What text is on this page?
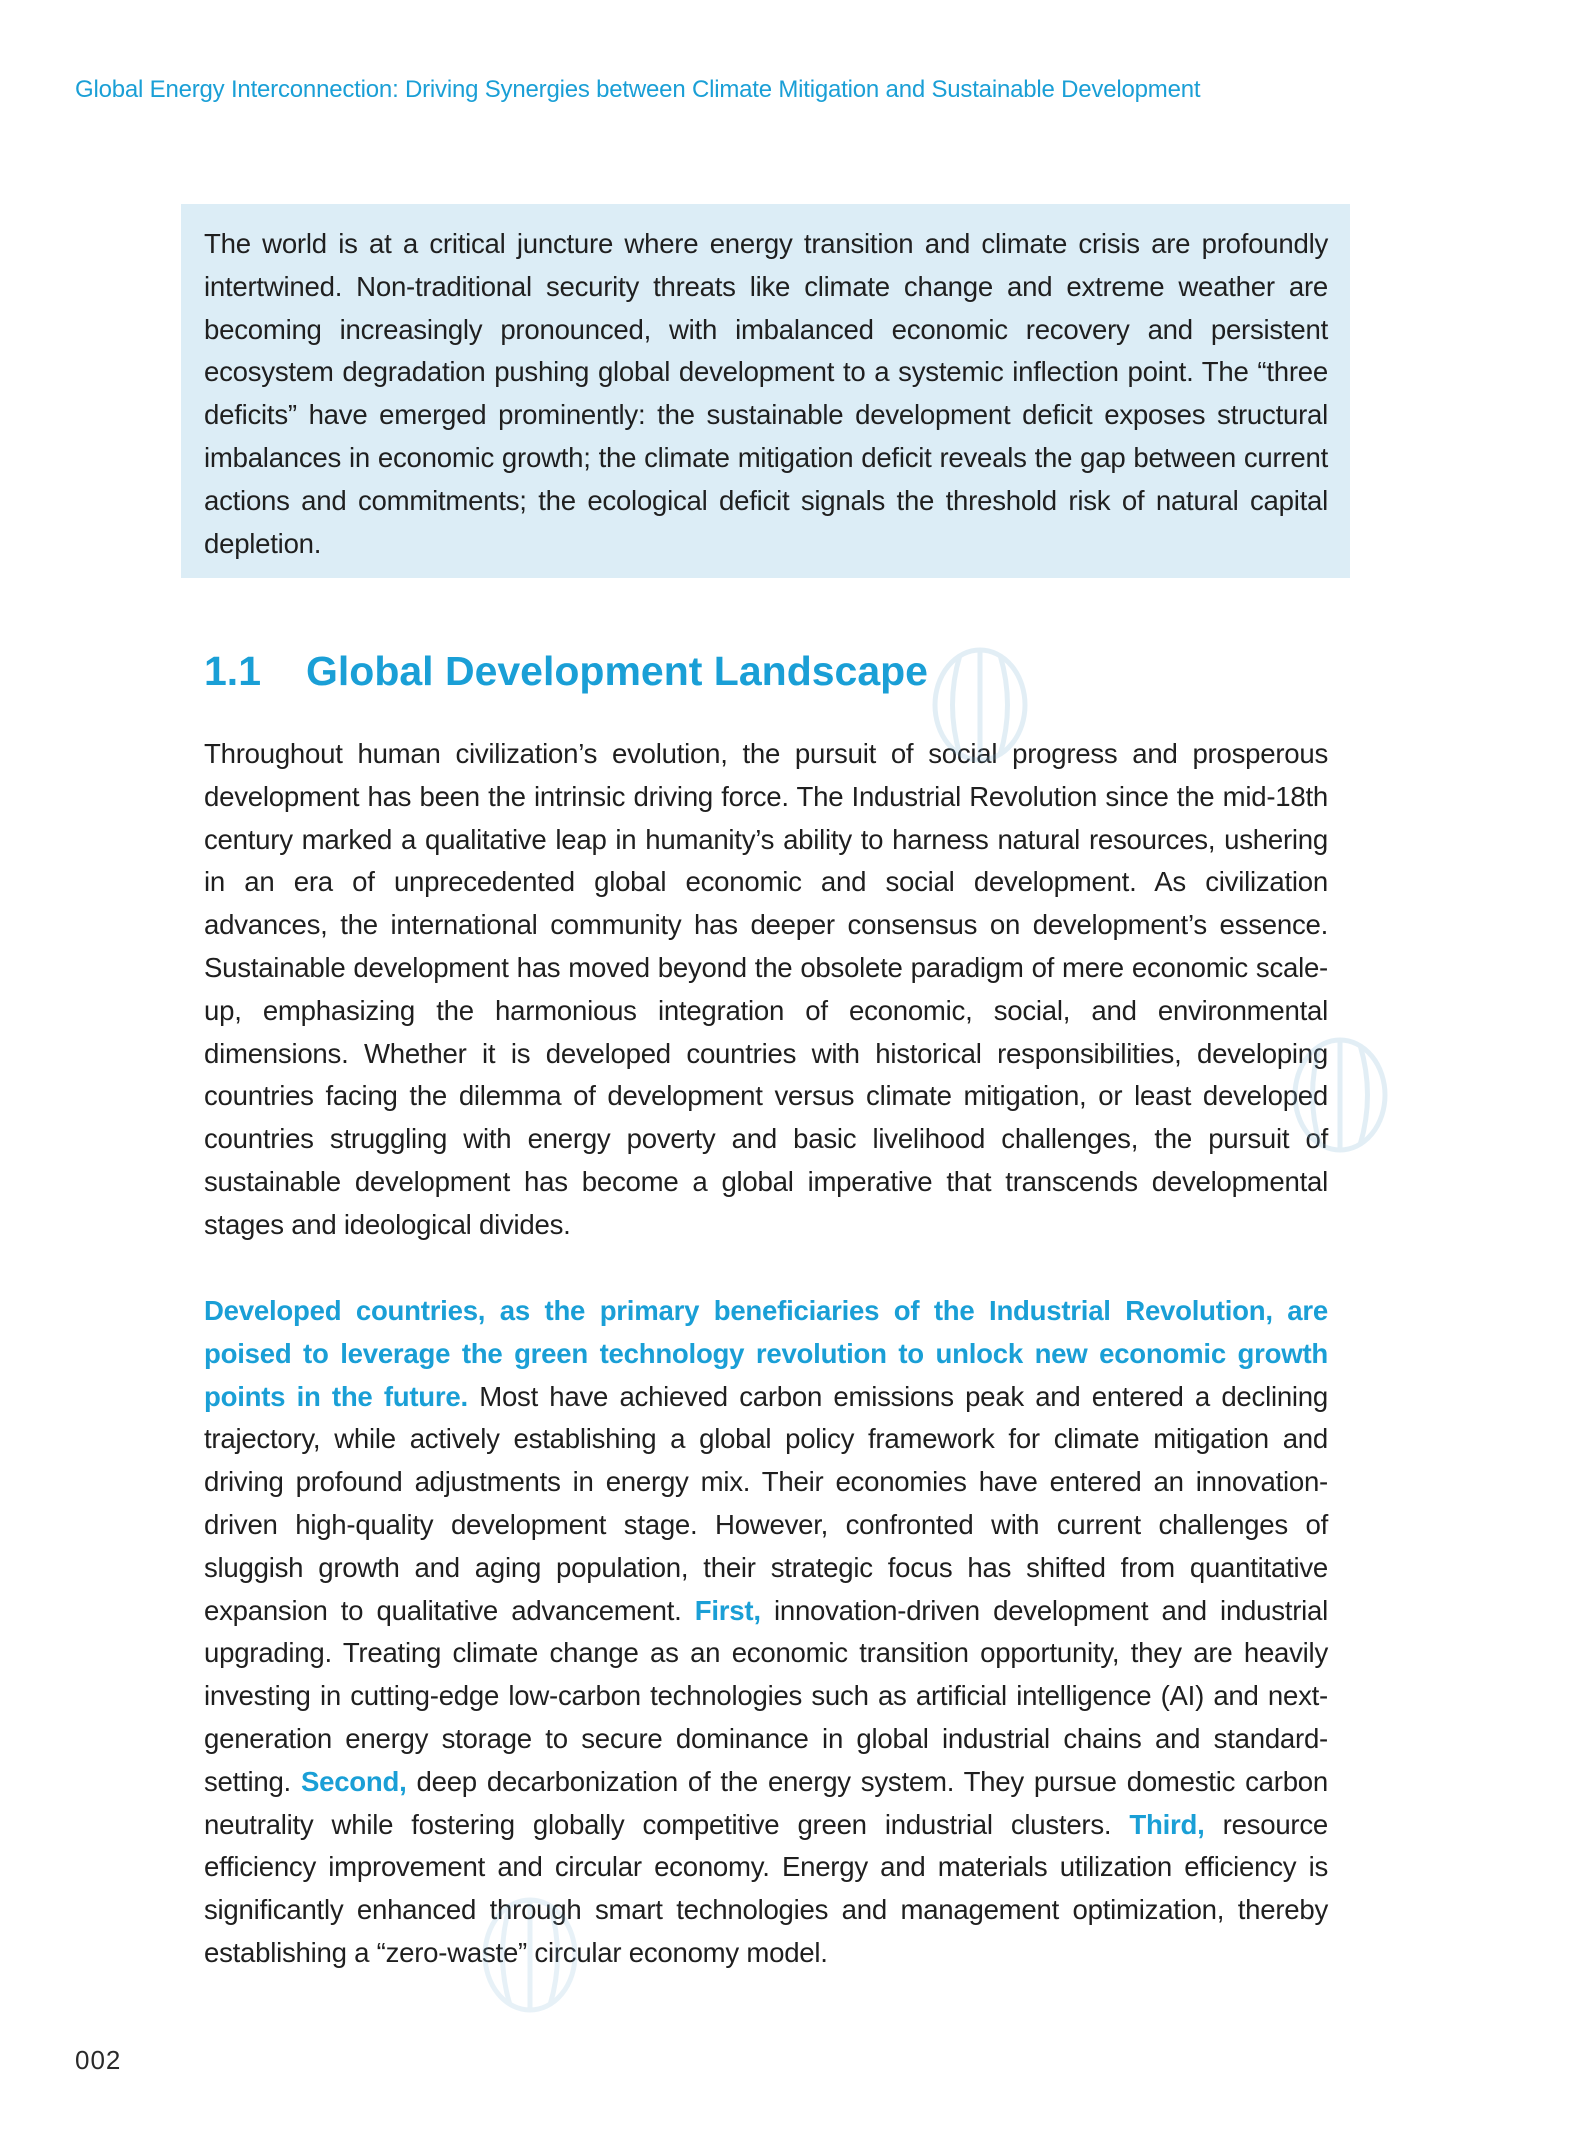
Global Energy Interconnection: Driving Synergies between Climate Mitigation and Sustainable Development

The world is at a critical juncture where energy transition and climate crisis are profoundly intertwined. Non-traditional security threats like climate change and extreme weather are becoming increasingly pronounced, with imbalanced economic recovery and persistent ecosystem degradation pushing global development to a systemic inflection point. The “three deficits” have emerged prominently: the sustainable development deficit exposes structural imbalances in economic growth; the climate mitigation deficit reveals the gap between current actions and commitments; the ecological deficit signals the threshold risk of natural capital depletion.

1.1 Global Development Landscape

Throughout human civilization’s evolution, the pursuit of social progress and prosperous development has been the intrinsic driving force. The Industrial Revolution since the mid-18th century marked a qualitative leap in humanity’s ability to harness natural resources, ushering in an era of unprecedented global economic and social development. As civilization advances, the international community has deeper consensus on development’s essence. Sustainable development has moved beyond the obsolete paradigm of mere economic scale-up, emphasizing the harmonious integration of economic, social, and environmental dimensions. Whether it is developed countries with historical responsibilities, developing countries facing the dilemma of development versus climate mitigation, or least developed countries struggling with energy poverty and basic livelihood challenges, the pursuit of sustainable development has become a global imperative that transcends developmental stages and ideological divides.

Developed countries, as the primary beneficiaries of the Industrial Revolution, are poised to leverage the green technology revolution to unlock new economic growth points in the future. Most have achieved carbon emissions peak and entered a declining trajectory, while actively establishing a global policy framework for climate mitigation and driving profound adjustments in energy mix. Their economies have entered an innovation-driven high-quality development stage. However, confronted with current challenges of sluggish growth and aging population, their strategic focus has shifted from quantitative expansion to qualitative advancement. First, innovation-driven development and industrial upgrading. Treating climate change as an economic transition opportunity, they are heavily investing in cutting-edge low-carbon technologies such as artificial intelligence (AI) and next-generation energy storage to secure dominance in global industrial chains and standard-setting. Second, deep decarbonization of the energy system. They pursue domestic carbon neutrality while fostering globally competitive green industrial clusters. Third, resource efficiency improvement and circular economy. Energy and materials utilization efficiency is significantly enhanced through smart technologies and management optimization, thereby establishing a “zero-waste” circular economy model.

002
